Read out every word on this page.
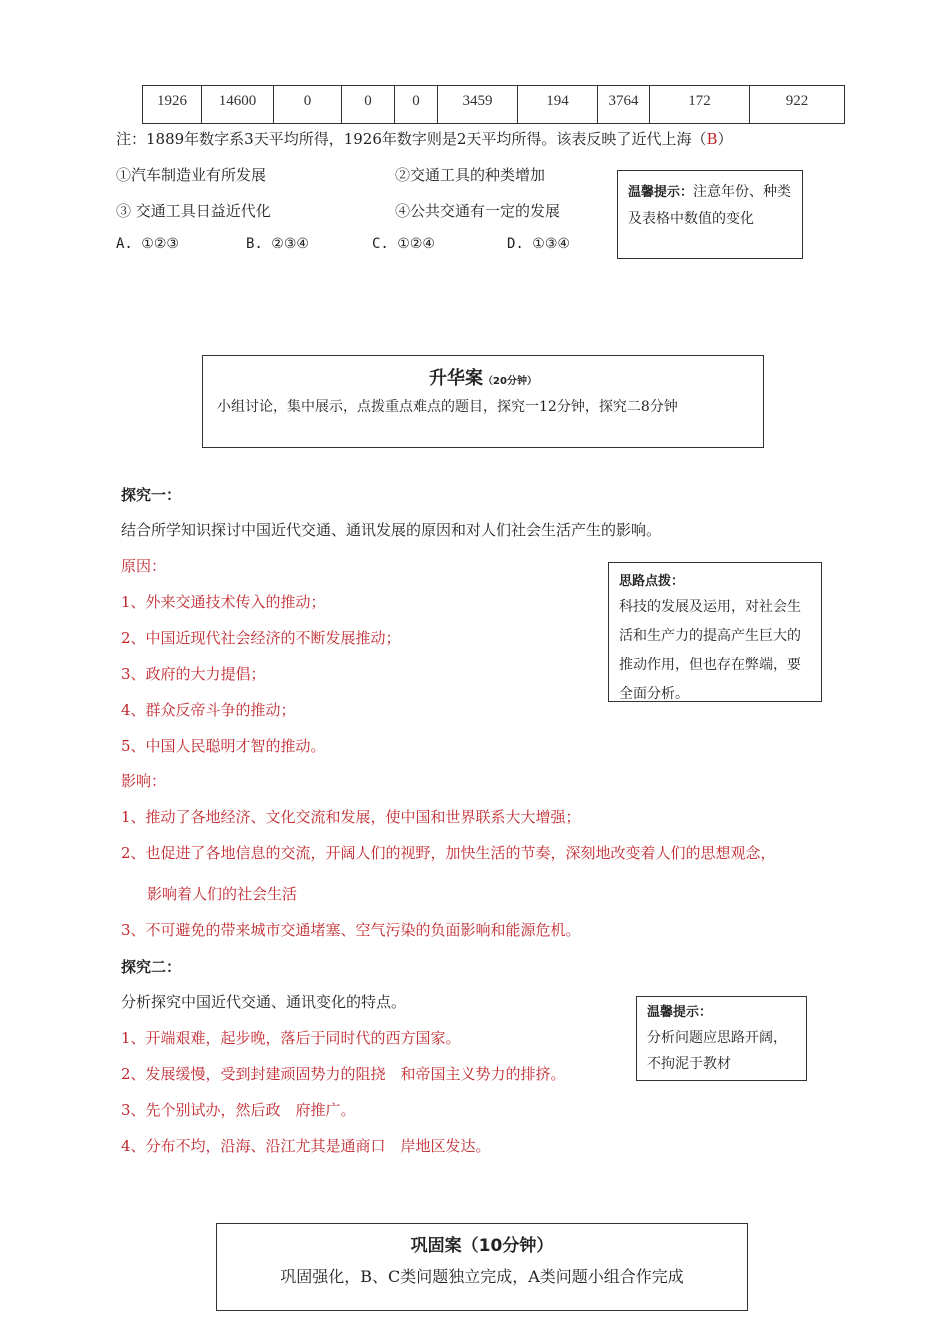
1926	14600	0	0	0	3459	194	3764	172	922
注：1889年数字系3天平均所得，1926年数字则是2天平均所得。该表反映了近代上海（B）
①汽车制造业有所发展	②交通工具的种类增加
③ 交通工具日益近代化	④公共交通有一定的发展
A. ①②③	B. ②③④	C. ①②④	D. ①③④
温馨提示：注意年份、种类及表格中数值的变化
升华案（20分钟）
小组讨论，集中展示，点拨重点难点的题目，探究一12分钟，探究二8分钟
探究一：
结合所学知识探讨中国近代交通、通讯发展的原因和对人们社会生活产生的影响。
原因：
1、外来交通技术传入的推动；
2、中国近现代社会经济的不断发展推动；
3、政府的大力提倡；
4、群众反帝斗争的推动；
5、中国人民聪明才智的推动。
影响：
1、推动了各地经济、文化交流和发展，使中国和世界联系大大增强；
2、也促进了各地信息的交流，开阔人们的视野，加快生活的节奏，深刻地改变着人们的思想观念，
影响着人们的社会生活
3、不可避免的带来城市交通堵塞、空气污染的负面影响和能源危机。
思路点拨：
科技的发展及运用，对社会生活和生产力的提高产生巨大的推动作用，但也存在弊端，要全面分析。
探究二：
分析探究中国近代交通、通讯变化的特点。
1、开端艰难，起步晚，落后于同时代的西方国家。
2、发展缓慢，受到封建顽固势力的阻挠　和帝国主义势力的排挤。
3、先个别试办，然后政　府推广。
4、分布不均，沿海、沿江尤其是通商口　岸地区发达。
温馨提示：
分析问题应思路开阔，不拘泥于教材
巩固案（10分钟）
巩固强化，B、C类问题独立完成，A类问题小组合作完成
